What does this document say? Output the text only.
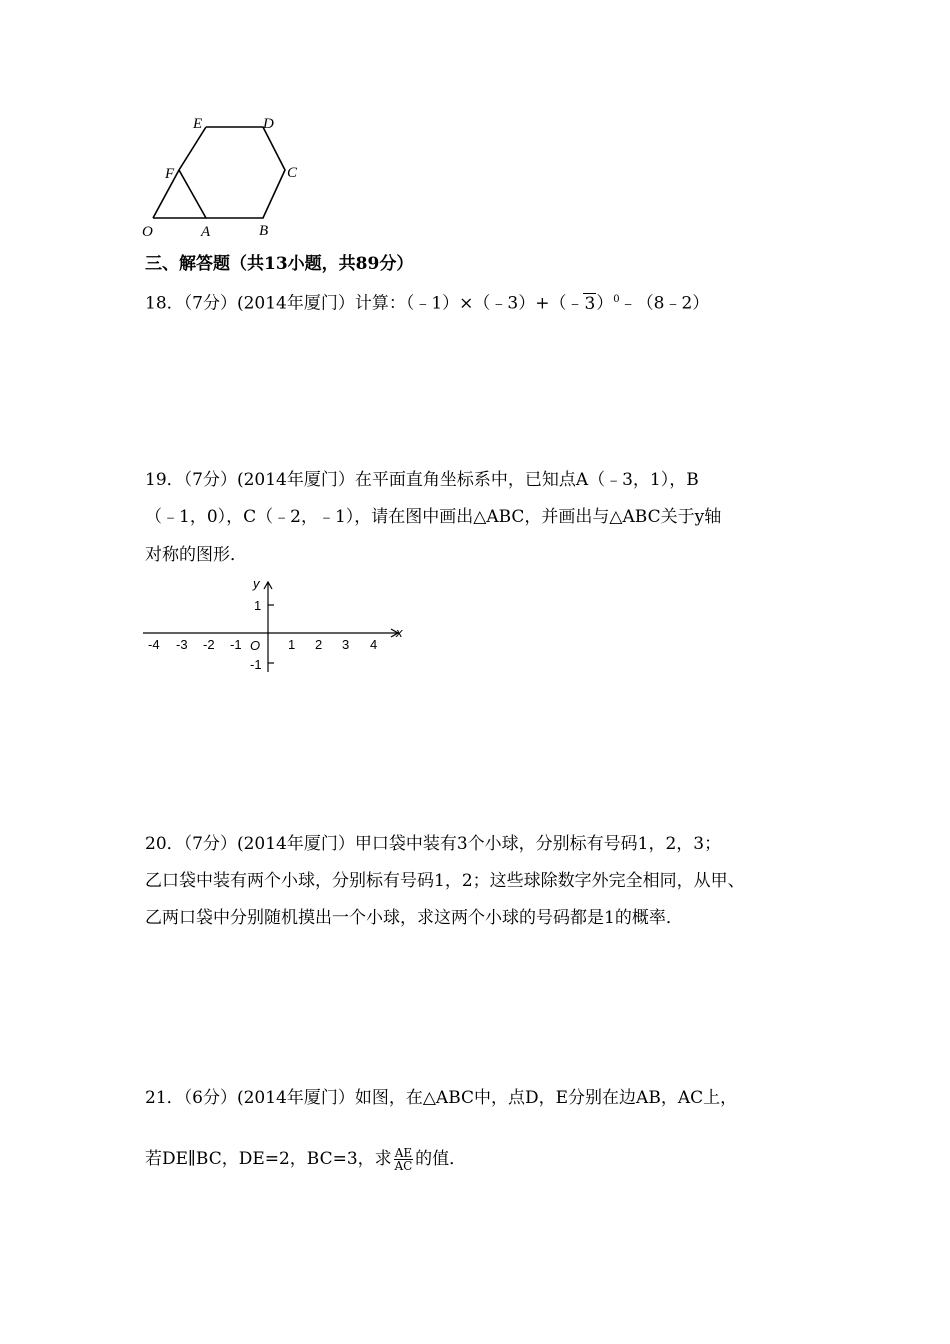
E	D
F	C
O	A	B
三、解答题（共13小题，共89分）
18．（7分）(2014年厦门）计算：（﹣1）×（﹣3）+（﹣3）$^0$﹣（8﹣2）
19．（7分）(2014年厦门）在平面直角坐标系中，已知点A（﹣3，1），B
（﹣1，0），C（﹣2，﹣1），请在图中画出△ABC，并画出与△ABC关于y轴
对称的图形．
x
y
O
-4 -3 -2 -1	1 2 3 4
1
-1
20．（7分）(2014年厦门）甲口袋中装有3个小球，分别标有号码1，2，3；
乙口袋中装有两个小球，分别标有号码1，2；这些球除数字外完全相同，从甲、
乙两口袋中分别随机摸出一个小球，求这两个小球的号码都是1的概率．
21．（6分）(2014年厦门）如图，在△ABC中，点D，E分别在边AB，AC上，
若DE∥BC，DE=2，BC=3，求 $\frac{AE}{AC}$ 的值．
